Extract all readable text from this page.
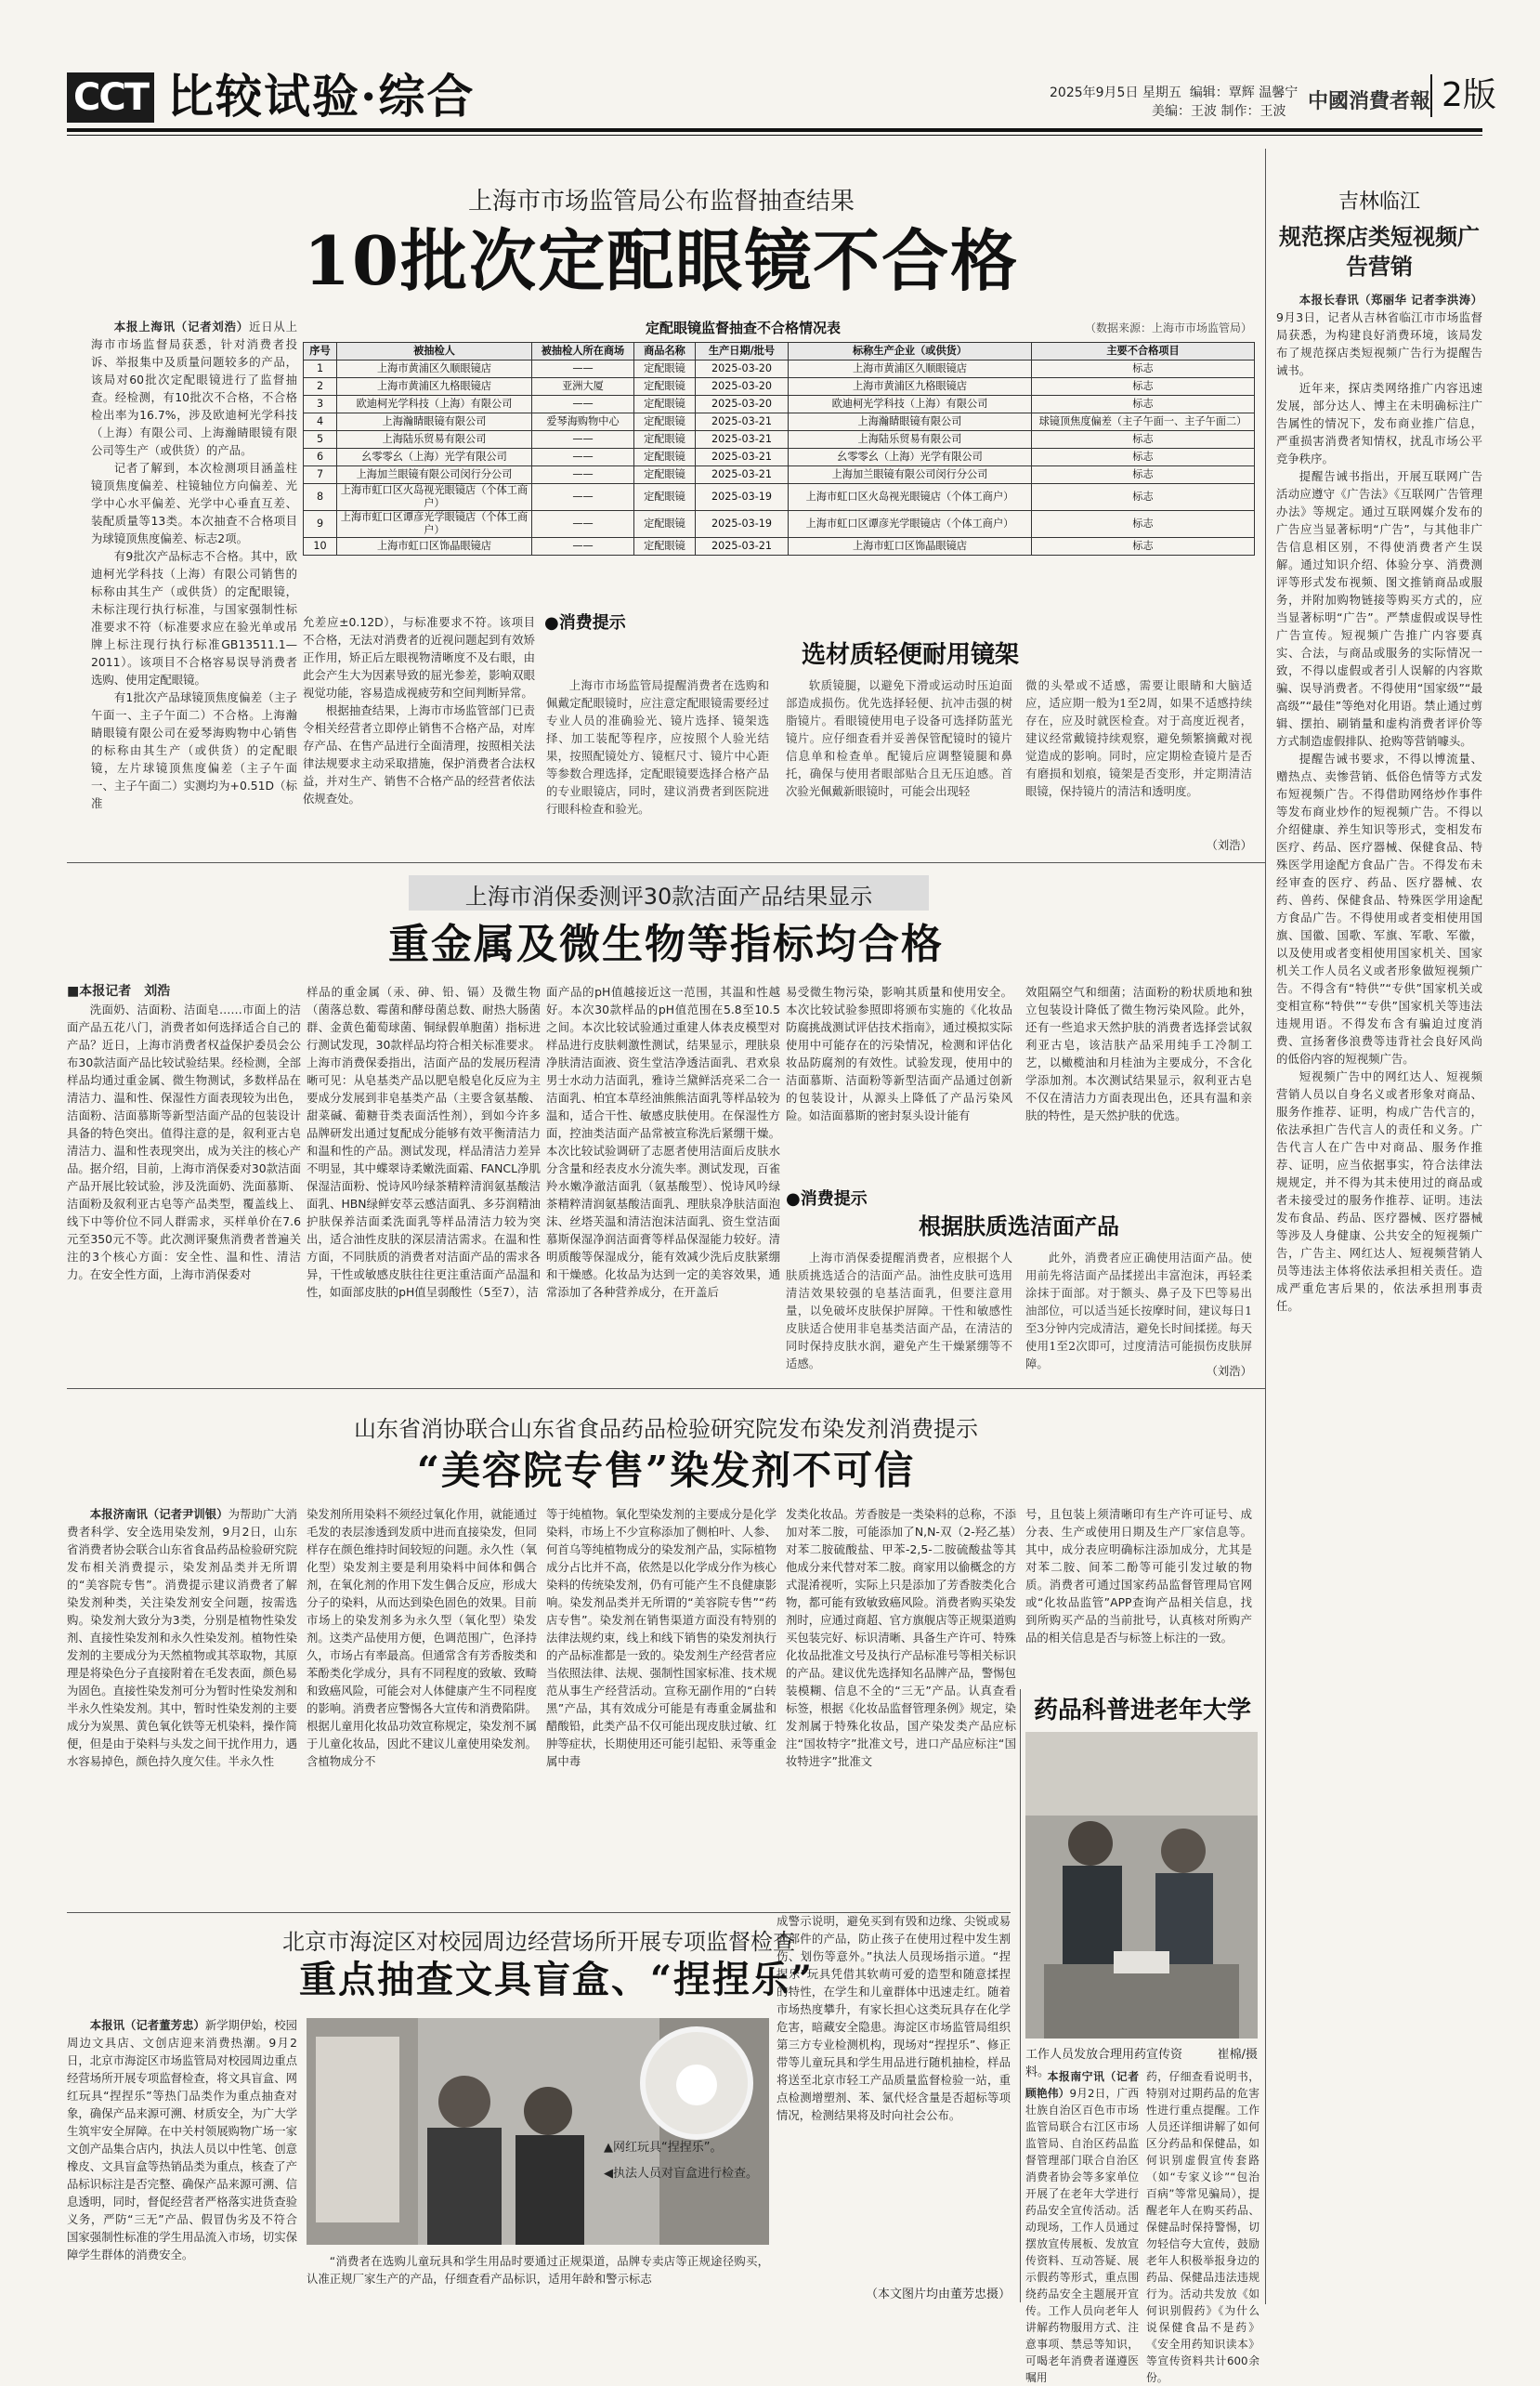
CCT 比较试验·综合	2025年9月5日 星期五 编辑：覃辉 温馨宁
美编：王波 制作：王波	中國消費者報 2版
上海市市场监管局公布监督抽查结果
10批次定配眼镜不合格

本报上海讯（记者刘浩）近日从上海市市场监督局获悉，针对消费者投诉、举报集中及质量问题较多的产品，该局对60批次定配眼镜进行了监督抽查。经检测，有10批次不合格，不合格检出率为16.7%，涉及欧迪柯光学科技（上海）有限公司、上海瀚睛眼镜有限公司等生产（或供货）的产品。

记者了解到，本次检测项目涵盖柱镜顶焦度偏差、柱镜轴位方向偏差、光学中心水平偏差、光学中心垂直互差、装配质量等13类。本次抽查不合格项目为球镜顶焦度偏差、标志2项。

有9批次产品标志不合格。其中，欧迪柯光学科技（上海）有限公司销售的标称由其生产（或供货）的定配眼镜，未标注现行执行标准，与国家强制性标准要求不符（标准要求应在验光单或吊牌上标注现行执行标准GB13511.1—2011）。该项目不合格容易误导消费者选购、使用定配眼镜。

有1批次产品球镜顶焦度偏差（主子午面一、主子午面二）不合格。上海瀚睛眼镜有限公司在爱琴海购物中心销售的标称由其生产（或供货）的定配眼镜，左片球镜顶焦度偏差（主子午面一、主子午面二）实测均为+0.51D（标准

定配眼镜监督抽查不合格情况表	（数据来源：上海市市场监管局）
序号	被抽检人	被抽检人所在商场	商品名称	生产日期/批号	标称生产企业（或供货）	主要不合格项目
1	上海市黄浦区久顺眼镜店	——	定配眼镜	2025-03-20	上海市黄浦区久顺眼镜店	标志
2	上海市黄浦区九格眼镜店	亚洲大厦	定配眼镜	2025-03-20	上海市黄浦区九格眼镜店	标志
3	欧迪柯光学科技（上海）有限公司	——	定配眼镜	2025-03-20	欧迪柯光学科技（上海）有限公司	标志
4	上海瀚睛眼镜有限公司	爱琴海购物中心	定配眼镜	2025-03-21	上海瀚睛眼镜有限公司	球镜顶焦度偏差（主子午面一、主子午面二）
5	上海陆乐贸易有限公司	——	定配眼镜	2025-03-21	上海陆乐贸易有限公司	标志
6	幺零零幺（上海）光学有限公司	——	定配眼镜	2025-03-21	幺零零幺（上海）光学有限公司	标志
7	上海加兰眼镜有限公司闵行分公司	——	定配眼镜	2025-03-21	上海加兰眼镜有限公司闵行分公司	标志
8	上海市虹口区火岛视光眼镜店（个体工商户）	——	定配眼镜	2025-03-19	上海市虹口区火岛视光眼镜店（个体工商户）	标志
9	上海市虹口区谭彦光学眼镜店（个体工商户）	——	定配眼镜	2025-03-19	上海市虹口区谭彦光学眼镜店（个体工商户）	标志
10	上海市虹口区饰晶眼镜店	——	定配眼镜	2025-03-21	上海市虹口区饰晶眼镜店	标志

允差应±0.12D），与标准要求不符。该项目不合格，无法对消费者的近视问题起到有效矫正作用，矫正后左眼视物清晰度不及右眼，由此会产生大为因素导致的屈光参差，影响双眼视觉功能，容易造成视疲劳和空间判断异常。

根据抽查结果，上海市市场监管部门已责令相关经营者立即停止销售不合格产品，对库存产品、在售产品进行全面清理，按照相关法律法规要求主动采取措施，保护消费者合法权益，并对生产、销售不合格产品的经营者依法依规查处。

●消费提示
选材质轻便耐用镜架

上海市市场监管局提醒消费者在选购和佩戴定配眼镜时，应注意定配眼镜需要经过专业人员的准确验光、镜片选择、镜架选择、加工装配等程序，应按照个人验光结果，按照配镜处方、镜框尺寸、镜片中心距等参数合理选择，定配眼镜要选择合格产品的专业眼镜店，同时，建议消费者到医院进行眼科检查和验光。

软质镜腿，以避免下滑或运动时压迫面部造成损伤。优先选择轻便、抗冲击强的树脂镜片。看眼镜使用电子设备可选择防蓝光镜片。应仔细查看并妥善保管配镜时的镜片信息单和检查单。配镜后应调整镜腿和鼻托，确保与使用者眼部贴合且无压迫感。首次验光佩戴新眼镜时，可能会出现轻

微的头晕或不适感，需要让眼睛和大脑适应，适应期一般为1至2周，如果不适感持续存在，应及时就医检查。对于高度近视者，建议经常戴镜持续观察，避免频繁摘戴对视觉造成的影响。同时，应定期检查镜片是否有磨损和划痕，镜架是否变形，并定期清洁眼镜，保持镜片的清洁和透明度。

（刘浩）
上海市消保委测评30款洁面产品结果显示
重金属及微生物等指标均合格

■本报记者　刘浩

洗面奶、洁面粉、洁面皂……市面上的洁面产品五花八门，消费者如何选择适合自己的产品？近日，上海市消费者权益保护委员会公布30款洁面产品比较试验结果。经检测，全部样品均通过重金属、微生物测试，多数样品在清洁力、温和性、保湿性方面表现较为出色，洁面粉、洁面慕斯等新型洁面产品的包装设计具备的特色突出。值得注意的是，叙利亚古皂清洁力、温和性表现突出，成为关注的核心产品。据介绍，目前，上海市消保委对30款洁面产品开展比较试验，涉及洗面奶、洗面慕斯、洁面粉及叙利亚古皂等产品类型，覆盖线上、线下中等价位不同人群需求，买样单价在7.6元至350元不等。此次测评聚焦消费者普遍关注的3个核心方面：安全性、温和性、清洁力。在安全性方面，上海市消保委对

样品的重金属（汞、砷、铅、镉）及微生物（菌落总数、霉菌和酵母菌总数、耐热大肠菌群、金黄色葡萄球菌、铜绿假单胞菌）指标进行测试发现，30款样品均符合相关标准要求。上海市消费保委指出，洁面产品的发展历程清晰可见：从皂基类产品以肥皂般皂化反应为主要成分发展到非皂基类产品（主要含氨基酸、甜菜碱、葡糖苷类表面活性剂），到如今许多品牌研发出通过复配成分能够有效平衡清洁力和温和性的产品。测试发现，样品清洁力差异不明显，其中蝶翠诗柔嫩洗面霜、FANCL净肌保湿洁面粉、悦诗风吟绿茶精粹清润氨基酸洁面乳、HBN绿鲜安萃云感洁面乳、多芬润精油护肤保养洁面柔洗面乳等样品清洁力较为突出，适合油性皮肤的深层清洁需求。在温和性方面，不同肤质的消费者对洁面产品的需求各异，干性或敏感皮肤往往更注重洁面产品温和性，如面部皮肤的pH值呈弱酸性（5至7），洁

面产品的pH值越接近这一范围，其温和性越好。本次30款样品的pH值范围在5.8至10.5之间。本次比较试验通过重建人体表皮模型对样品进行皮肤刺激性测试，结果显示，理肤泉净肤清洁面液、资生堂洁净透洁面乳、君欢泉男士水动力洁面乳，雅诗兰黛鲜活亮采二合一洁面乳、柏宜本草经油熊熊洁面乳等样品较为温和，适合干性、敏感皮肤使用。在保湿性方面，控油类洁面产品常被宣称洗后紧绷干燥。本次比较试验调研了志愿者使用洁面后皮肤水分含量和经表皮水分流失率。测试发现，百雀羚水嫩净澈洁面乳（氨基酸型）、悦诗风吟绿茶精粹清润氨基酸洁面乳、理肤泉净肤洁面泡沫、丝塔芙温和清洁泡沫洁面乳、资生堂洁面慕斯保湿净润洁面膏等样品保湿能力较好。清明质酸等保湿成分，能有效减少洗后皮肤紧绷和干燥感。化妆品为达到一定的美容效果，通常添加了各种营养成分，在开盖后

易受微生物污染，影响其质量和使用安全。本次比较试验参照即将颁布实施的《化妆品防腐挑战测试评估技术指南》，通过模拟实际使用中可能存在的污染情况，检测和评估化妆品防腐剂的有效性。试验发现，使用中的洁面慕斯、洁面粉等新型洁面产品通过创新的包装设计，从源头上降低了产品污染风险。如洁面慕斯的密封泵头设计能有

效阻隔空气和细菌；洁面粉的粉状质地和独立包装设计降低了微生物污染风险。此外，还有一些追求天然护肤的消费者选择尝试叙利亚古皂，该洁肤产品采用纯手工冷制工艺，以橄榄油和月桂油为主要成分，不含化学添加剂。本次测试结果显示，叙利亚古皂不仅在清洁力方面表现出色，还具有温和亲肤的特性，是天然护肤的优选。

●消费提示
根据肤质选洁面产品

上海市消保委提醒消费者，应根据个人肤质挑选适合的洁面产品。油性皮肤可选用清洁效果较强的皂基洁面乳，但要注意用量，以免破坏皮肤保护屏障。干性和敏感性皮肤适合使用非皂基类洁面产品，在清洁的同时保持皮肤水润，避免产生干燥紧绷等不适感。

此外，消费者应正确使用洁面产品。使用前先将洁面产品揉搓出丰富泡沫，再轻柔涂抹于面部。对于额头、鼻子及下巴等易出油部位，可以适当延长按摩时间，建议每日1至3分钟内完成清洁，避免长时间揉搓。每天使用1至2次即可，过度清洁可能损伤皮肤屏障。

（刘浩）
山东省消协联合山东省食品药品检验研究院发布染发剂消费提示
“美容院专售”染发剂不可信

本报济南讯（记者尹训银）为帮助广大消费者科学、安全选用染发剂，9月2日，山东省消费者协会联合山东省食品药品检验研究院发布相关消费提示，染发剂品类并无所谓的“美容院专售”。消费提示建议消费者了解染发剂种类，关注染发剂安全问题，按需选购。染发剂大致分为3类，分别是植物性染发剂、直接性染发剂和永久性染发剂。植物性染发剂的主要成分为天然植物或其萃取物，其原理是将染色分子直接附着在毛发表面，颜色易为固色。直接性染发剂可分为暂时性染发剂和半永久性染发剂。其中，暂时性染发剂的主要成分为炭黑、黄色氧化铁等无机染料，操作简便，但是由于染料与头发之间干扰作用力，遇水容易掉色，颜色持久度欠佳。半永久性

染发剂所用染料不须经过氧化作用，就能通过毛发的表层渗透到发质中进而直接染发，但同样存在颜色维持时间较短的问题。永久性（氧化型）染发剂主要是利用染料中间体和偶合剂，在氧化剂的作用下发生偶合反应，形成大分子的染料，从而达到染色固色的效果。目前市场上的染发剂多为永久型（氧化型）染发剂。这类产品使用方便，色调范围广，色泽持久，市场占有率最高。但通常含有芳香胺类和苯酚类化学成分，具有不同程度的致敏、致畸和致癌风险，可能会对人体健康产生不同程度的影响。消费者应警惕各大宣传和消费陷阱。根据儿童用化妆品功效宣称规定，染发剂不属于儿童化妆品，因此不建议儿童使用染发剂。含植物成分不

等于纯植物。氧化型染发剂的主要成分是化学染料，市场上不少宣称添加了侧柏叶、人参、何首乌等纯植物成分的染发剂产品，实际植物成分占比并不高，依然是以化学成分作为核心染料的传统染发剂，仍有可能产生不良健康影响。染发剂品类并无所谓的“美容院专售”“药店专售”。染发剂在销售渠道方面没有特别的法律法规约束，线上和线下销售的染发剂执行的产品标准都是一致的。染发剂生产经营者应当依照法律、法规、强制性国家标准、技术规范从事生产经营活动。宣称无副作用的“白转黑”产品，其有效成分可能是有毒重金属盐和醋酸铅，此类产品不仅可能出现皮肤过敏、红肿等症状，长期使用还可能引起铅、汞等重金属中毒

发类化妆品。芳香胺是一类染料的总称，不添加对苯二胺，可能添加了N,N-双（2-羟乙基）对苯二胺硫酸盐、甲苯-2,5-二胺硫酸盐等其他成分来代替对苯二胺。商家用以偷概念的方式混淆视听，实际上只是添加了芳香胺类化合物，都可能有致敏致癌风险。消费者购买染发剂时，应通过商超、官方旗舰店等正规渠道购买包装完好、标识清晰、具备生产许可、特殊化妆品批准文号及执行产品标准号等相关标识的产品。建议优先选择知名品牌产品，警惕包装模糊、信息不全的“三无”产品。认真查看标签，根据《化妆品监督管理条例》规定，染发剂属于特殊化妆品，国产染发类产品应标注“国妆特字”批准文号，进口产品应标注“国妆特进字”批准文

号，且包装上须清晰印有生产许可证号、成分表、生产或使用日期及生产厂家信息等。其中，成分表应明确标注添加成分，尤其是对苯二胺、间苯二酚等可能引发过敏的物质。消费者可通过国家药品监督管理局官网或“化妆品监管”APP查询产品相关信息，找到所购买产品的当前批号，认真核对所购产品的相关信息是否与标签上标注的一致。

北京市海淀区对校园周边经营场所开展专项监督检查
重点抽查文具盲盒、“捏捏乐”

本报讯（记者董芳忠）新学期伊始，校园周边文具店、文创店迎来消费热潮。9月2日，北京市海淀区市场监管局对校园周边重点经营场所开展专项监督检查，将文具盲盒、网红玩具“捏捏乐”等热门品类作为重点抽查对象，确保产品来源可溯、材质安全，为广大学生筑牢安全屏障。在中关村领展购物广场一家文创产品集合店内，执法人员以中性笔、创意橡皮、文具盲盒等热销品类为重点，核查了产品标识标注是否完整、确保产品来源可溯、信息透明，同时，督促经营者严格落实进货查验义务，严防“三无”产品、假冒伪劣及不符合国家强制性标准的学生用品流入市场，切实保障学生群体的消费安全。

▲网红玩具“捏捏乐”。
◀执法人员对盲盒进行检查。

“消费者在选购儿童玩具和学生用品时要通过正规渠道，品牌专卖店等正规途径购买，认准正规厂家生产的产品，仔细查看产品标识，适用年龄和警示标志

成警示说明，避免买到有毁和边缘、尖锐或易碎部件的产品，防止孩子在使用过程中发生割伤、划伤等意外。”执法人员现场指示道。“捏捏乐”玩具凭借其软萌可爱的造型和随意揉捏的特性，在学生和儿童群体中迅速走红。随着市场热度攀升，有家长担心这类玩具存在化学危害，暗藏安全隐患。海淀区市场监管局组织第三方专业检测机构，现场对“捏捏乐”、修正带等儿童玩具和学生用品进行随机抽检，样品将送至北京市轻工产品质量监督检验一站，重点检测增塑剂、苯、氯代烃含量是否超标等项情况，检测结果将及时向社会公布。

（本文图片均由董芳忠摄）
药品科普进老年大学
工作人员发放合理用药宣传资料。
崔棉/摄

本报南宁讯（记者顾艳伟）9月2日，广西壮族自治区百色市市场监管局联合右江区市场监管局、自治区药品监督管理部门联合自治区消费者协会等多家单位开展了在老年大学进行药品安全宣传活动。活动现场，工作人员通过摆放宣传展板、发放宣传资料、互动答疑、展示假药等形式，重点围绕药品安全主题展开宣传。工作人员向老年人讲解药物服用方式、注意事项、禁忌等知识，可喝老年消费者谨遵医嘱用

药，仔细查看说明书，特别对过期药品的危害性进行重点提醒。工作人员还详细讲解了如何区分药品和保健品，如何识别虚假宣传套路（如“专家义诊”“包治百病”等常见骗局），提醒老年人在购买药品、保健品时保持警惕，切勿轻信夸大宣传，鼓励老年人积极举报身边的药品、保健品违法违规行为。活动共发放《如何识别假药》《为什么说保健食品不是药》《安全用药知识读本》等宣传资料共计600余份。

吉林临江
规范探店类短视频广告营销

本报长春讯（郑丽华 记者李洪涛）9月3日，记者从吉林省临江市市场监督局获悉，为构建良好消费环境，该局发布了规范探店类短视频广告行为提醒告诫书。

近年来，探店类网络推广内容迅速发展，部分达人、博主在未明确标注广告属性的情况下，发布商业推广信息，严重损害消费者知情权，扰乱市场公平竞争秩序。

提醒告诫书指出，开展互联网广告活动应遵守《广告法》《互联网广告管理办法》等规定。通过互联网媒介发布的广告应当显著标明“广告”，与其他非广告信息相区别，不得使消费者产生误解。通过知识介绍、体验分享、消费测评等形式发布视频、图文推销商品或服务，并附加购物链接等购买方式的，应当显著标明“广告”。严禁虚假或误导性广告宣传。短视频广告推广内容要真实、合法，与商品或服务的实际情况一致，不得以虚假或者引人误解的内容欺骗、误导消费者。不得使用“国家级”“最高级”“最佳”等绝对化用语。禁止通过剪辑、摆拍、刷销量和虚构消费者评价等方式制造虚假排队、抢购等营销噱头。

提醒告诫书要求，不得以博流量、赠热点、卖惨营销、低俗色情等方式发布短视频广告。不得借助网络炒作事件等发布商业炒作的短视频广告。不得以介绍健康、养生知识等形式，变相发布医疗、药品、医疗器械、保健食品、特殊医学用途配方食品广告。不得发布未经审查的医疗、药品、医疗器械、农药、兽药、保健食品、特殊医学用途配方食品广告。不得使用或者变相使用国旗、国徽、国歌、军旗、军歌、军徽，以及使用或者变相使用国家机关、国家机关工作人员名义或者形象做短视频广告。不得含有“特供”“专供”国家机关或变相宣称“特供”“专供”国家机关等违法违规用语。不得发布含有骗迫过度消费、宣扬奢侈浪费等违背社会良好风尚的低俗内容的短视频广告。

短视频广告中的网红达人、短视频营销人员以自身名义或者形象对商品、服务作推荐、证明，构成广告代言的，依法承担广告代言人的责任和义务。广告代言人在广告中对商品、服务作推荐、证明，应当依据事实，符合法律法规规定，并不得为其未使用过的商品或者未接受过的服务作推荐、证明。违法发布食品、药品、医疗器械、医疗器械等涉及人身健康、公共安全的短视频广告，广告主、网红达人、短视频营销人员等违法主体将依法承担相关责任。造成严重危害后果的，依法承担刑事责任。
